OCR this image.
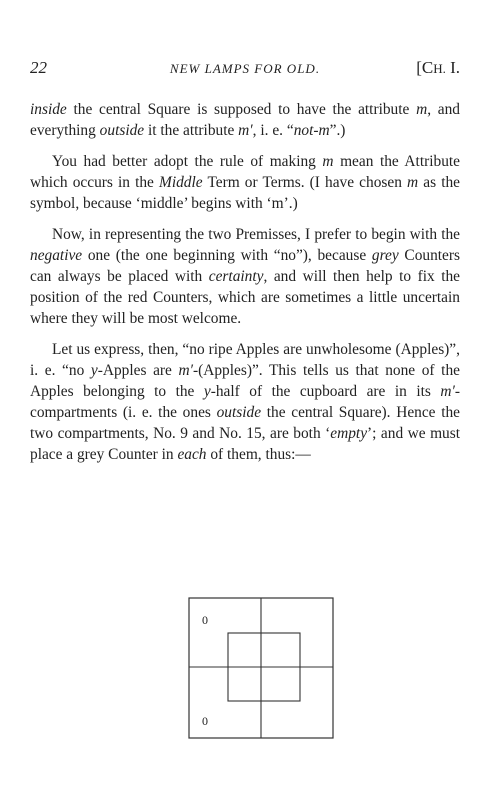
22	NEW LAMPS FOR OLD.	[CH. I.

inside the central Square is supposed to have the attribute m, and everything outside it the attribute m′, i. e. “not-m”.)

You had better adopt the rule of making m mean the Attribute which occurs in the Middle Term or Terms. (I have chosen m as the symbol, because ‘middle’ begins with ‘m’.)

Now, in representing the two Premisses, I prefer to begin with the negative one (the one beginning with “no”), because grey Counters can always be placed with certainty, and will then help to fix the position of the red Counters, which are sometimes a little uncertain where they will be most welcome.

Let us express, then, “no ripe Apples are unwholesome (Apples)”, i. e. “no y-Apples are m′-(Apples)”. This tells us that none of the Apples belonging to the y-half of the cupboard are in its m′-compartments (i. e. the ones outside the central Square). Hence the two compartments, No. 9 and No. 15, are both ‘empty’; and we must place a grey Counter in each of them, thus:—

0
0
